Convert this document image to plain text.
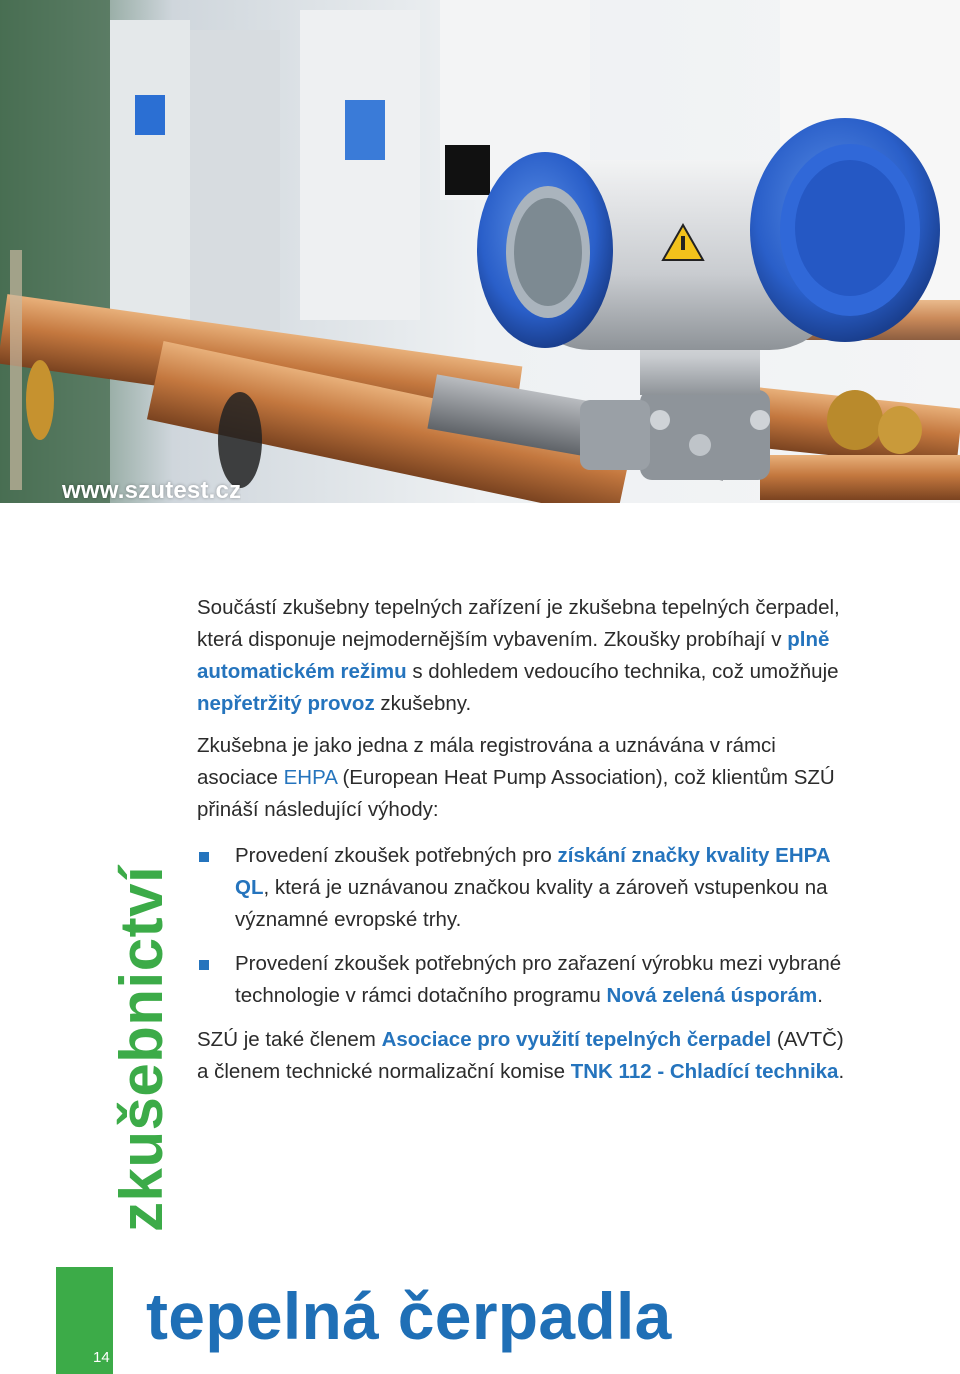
www.szutest.cz
zkušebnictví
14

Součástí zkušebny tepelných zařízení je zkušebna tepelných čerpadel, která disponuje nejmodernějším vybavením. Zkoušky probíhají v plně automatickém režimu s dohledem vedoucího technika, což umožňuje nepřetržitý provoz zkušebny.

Zkušebna je jako jedna z mála registrována a uznávána v rámci asociace EHPA (European Heat Pump Association), což klientům SZÚ přináší následující výhody:

Provedení zkoušek potřebných pro získání značky kvality EHPA QL, která je uznávanou značkou kvality a zároveň vstupenkou na významné evropské trhy.
Provedení zkoušek potřebných pro zařazení výrobku mezi vybrané technologie v rámci dotačního programu Nová zelená úsporám.

SZÚ je také členem Asociace pro využití tepelných čerpadel (AVTČ) a členem technické normalizační komise TNK 112 - Chladící technika.

tepelná čerpadla
